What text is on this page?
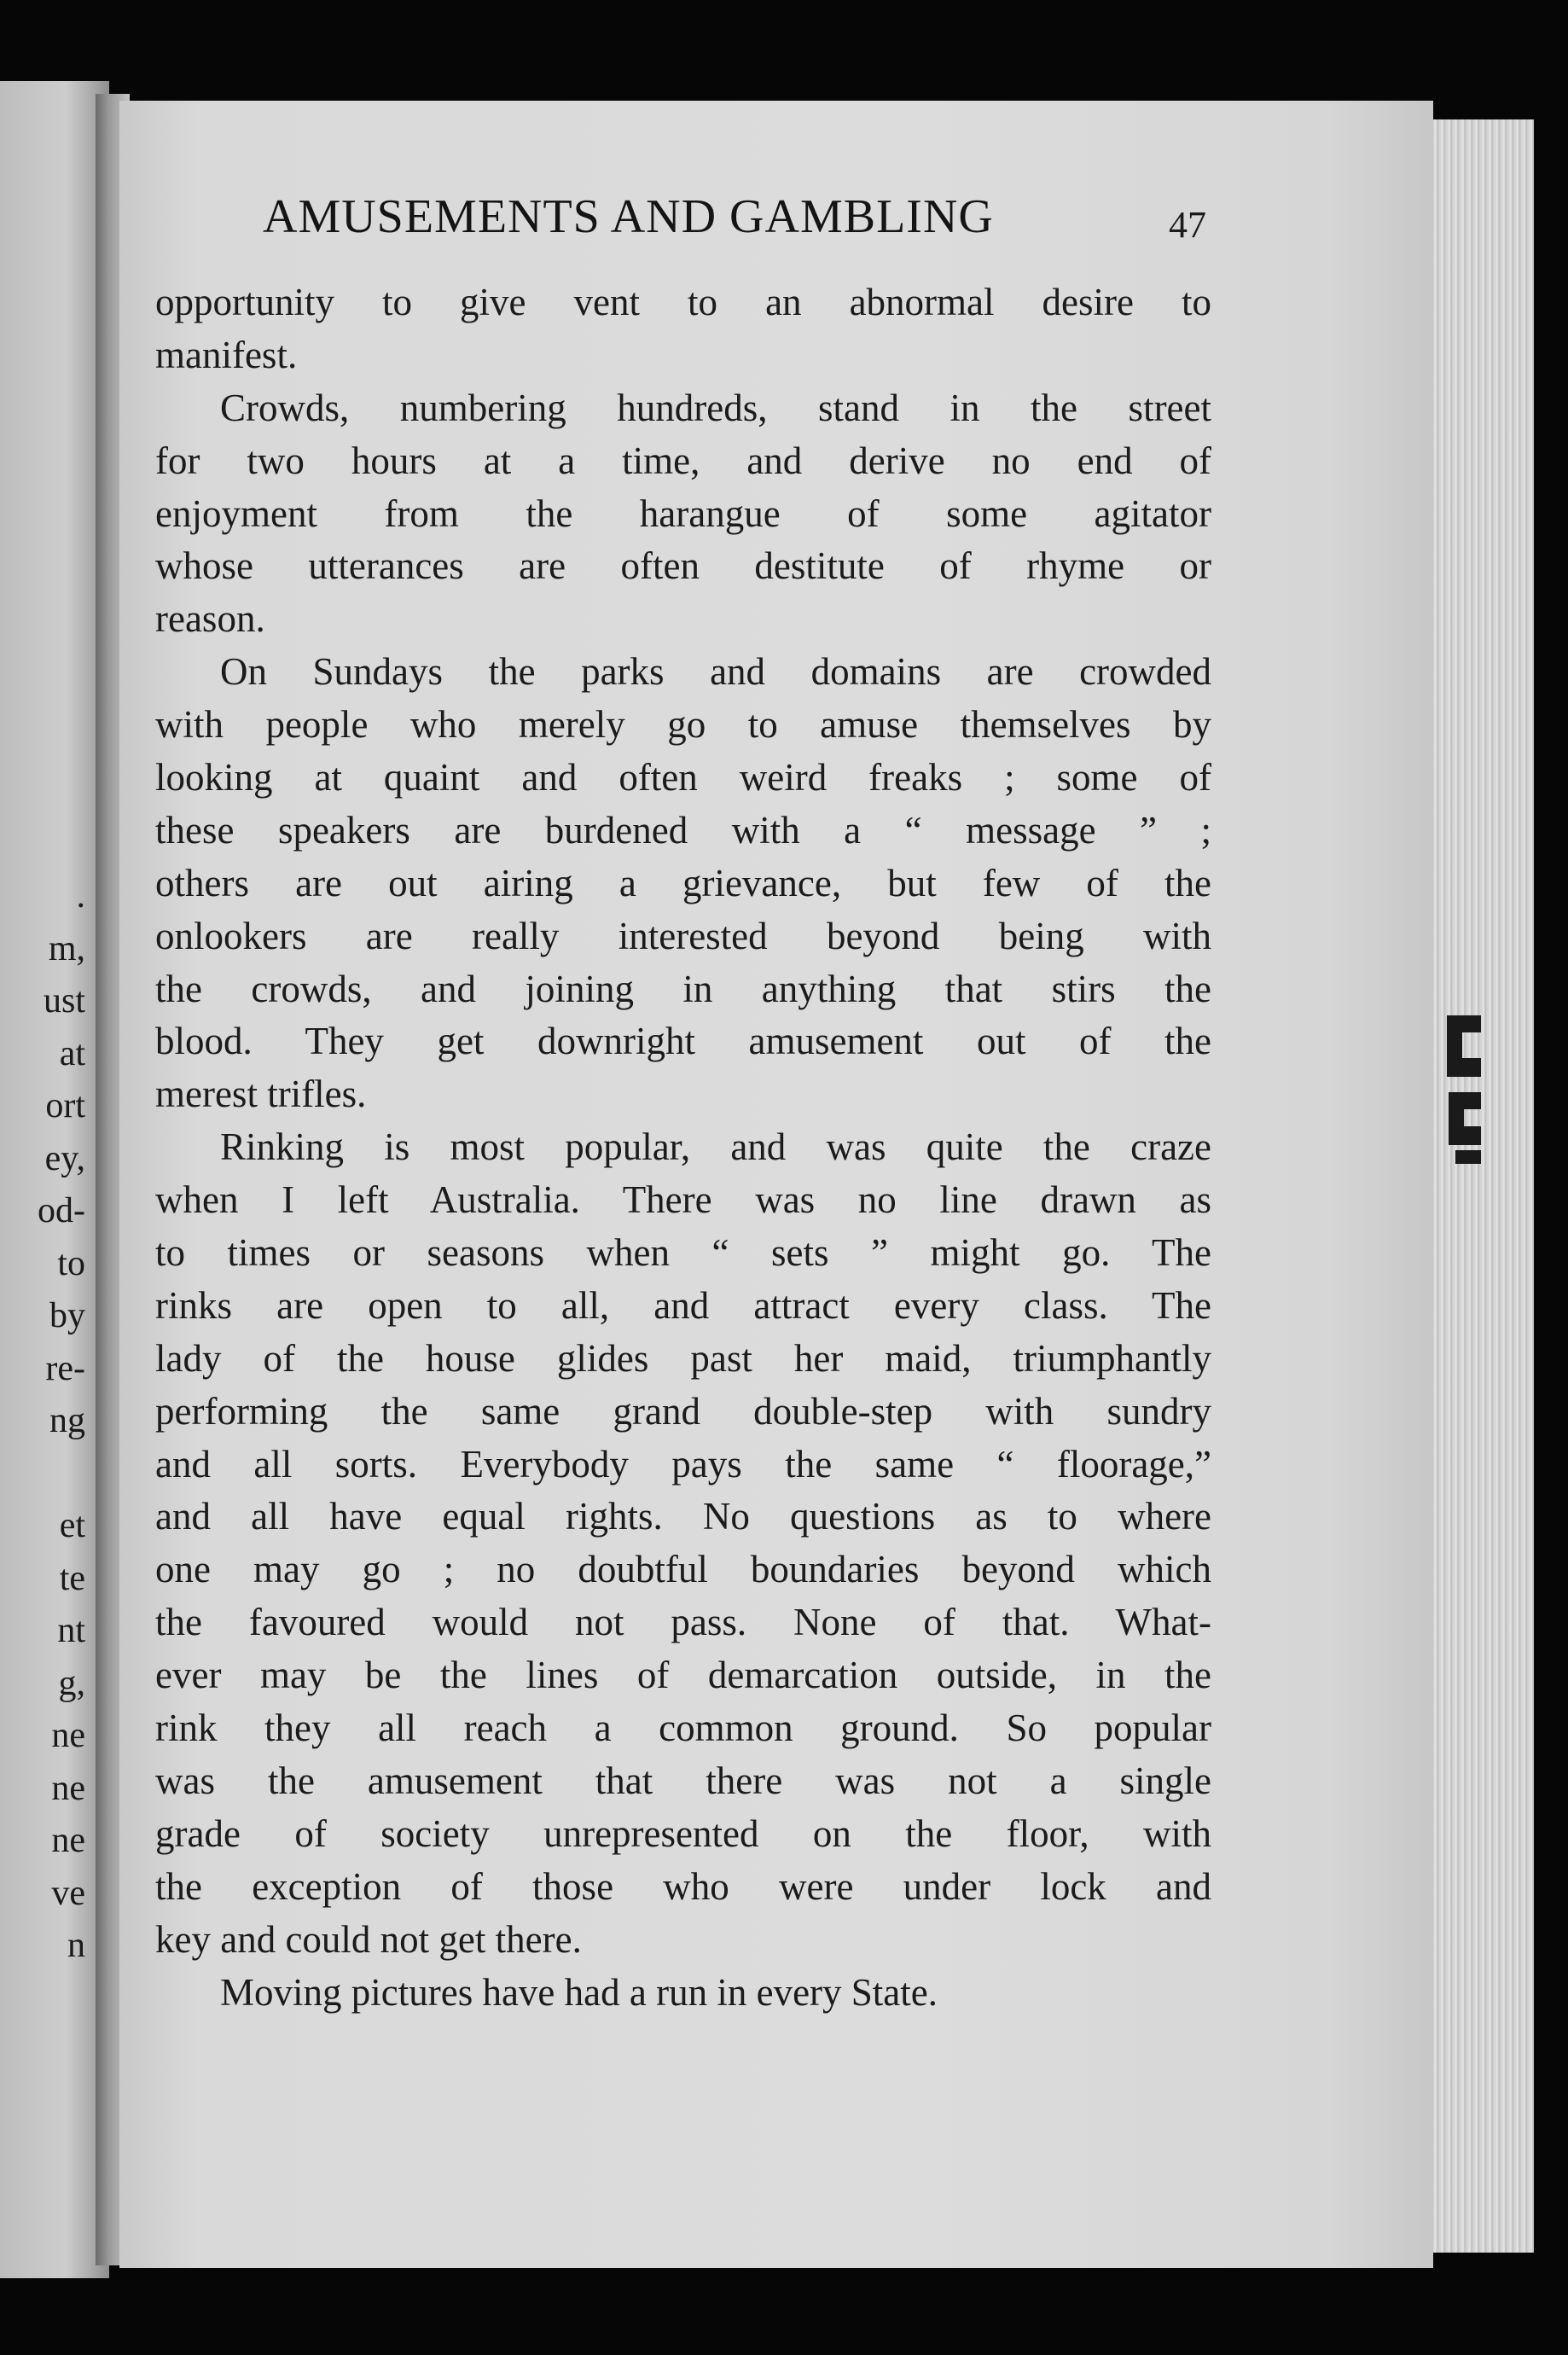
.
m,
ust
at
ort
ey,
od-
to
by
re-
ng
et
te
nt
g,
ne
ne
ne
ve
n
AMUSEMENTS AND GAMBLING	47
opportunity to give vent to an abnormal desire to
manifest.
Crowds, numbering hundreds, stand in the street
for two hours at a time, and derive no end of
enjoyment from the harangue of some agitator
whose utterances are often destitute of rhyme or
reason.
On Sundays the parks and domains are crowded
with people who merely go to amuse themselves by
looking at quaint and often weird freaks ; some of
these speakers are burdened with a “ message ” ;
others are out airing a grievance, but few of the
onlookers are really interested beyond being with
the crowds, and joining in anything that stirs the
blood. They get downright amusement out of the
merest trifles.
Rinking is most popular, and was quite the craze
when I left Australia. There was no line drawn as
to times or seasons when “ sets ” might go. The
rinks are open to all, and attract every class. The
lady of the house glides past her maid, triumphantly
performing the same grand double-step with sundry
and all sorts. Everybody pays the same “ floorage,”
and all have equal rights. No questions as to where
one may go ; no doubtful boundaries beyond which
the favoured would not pass. None of that. What-
ever may be the lines of demarcation outside, in the
rink they all reach a common ground. So popular
was the amusement that there was not a single
grade of society unrepresented on the floor, with
the exception of those who were under lock and
key and could not get there.
Moving pictures have had a run in every State.
